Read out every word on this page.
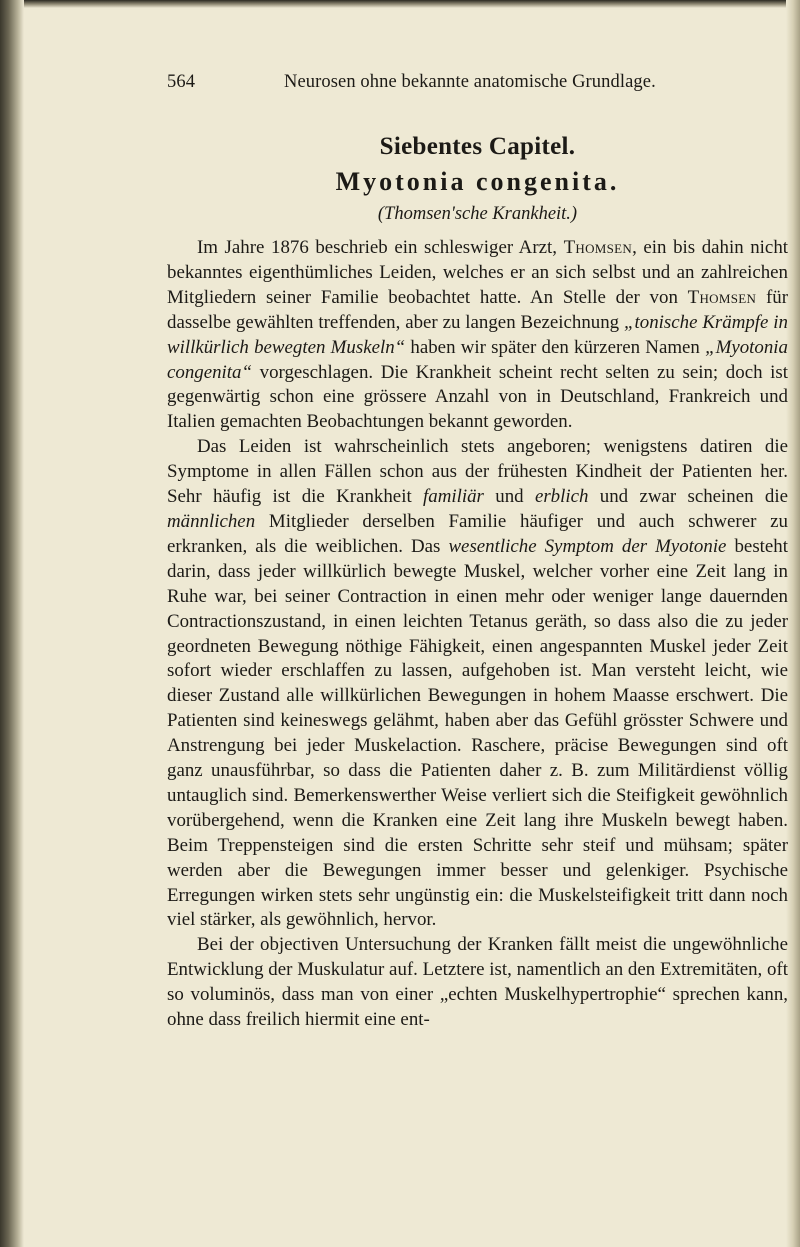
564	Neurosen ohne bekannte anatomische Grundlage.
Siebentes Capitel.
Myotonia congenita.
(Thomsen'sche Krankheit.)

Im Jahre 1876 beschrieb ein schleswiger Arzt, Thomsen, ein bis dahin nicht bekanntes eigenthümliches Leiden, welches er an sich selbst und an zahlreichen Mitgliedern seiner Familie beobachtet hatte. An Stelle der von Thomsen für dasselbe gewählten treffenden, aber zu langen Bezeichnung „tonische Krämpfe in willkürlich bewegten Muskeln“ haben wir später den kürzeren Namen „Myotonia congenita“ vorgeschlagen. Die Krankheit scheint recht selten zu sein; doch ist gegenwärtig schon eine grössere Anzahl von in Deutschland, Frankreich und Italien gemachten Beobachtungen bekannt geworden.

Das Leiden ist wahrscheinlich stets angeboren; wenigstens datiren die Symptome in allen Fällen schon aus der frühesten Kindheit der Patienten her. Sehr häufig ist die Krankheit familiär und erblich und zwar scheinen die männlichen Mitglieder derselben Familie häufiger und auch schwerer zu erkranken, als die weiblichen. Das wesentliche Symptom der Myotonie besteht darin, dass jeder willkürlich bewegte Muskel, welcher vorher eine Zeit lang in Ruhe war, bei seiner Contraction in einen mehr oder weniger lange dauernden Contractionszustand, in einen leichten Tetanus geräth, so dass also die zu jeder geordneten Bewegung nöthige Fähigkeit, einen angespannten Muskel jeder Zeit sofort wieder erschlaffen zu lassen, aufgehoben ist. Man versteht leicht, wie dieser Zustand alle willkürlichen Bewegungen in hohem Maasse erschwert. Die Patienten sind keineswegs gelähmt, haben aber das Gefühl grösster Schwere und Anstrengung bei jeder Muskelaction. Raschere, präcise Bewegungen sind oft ganz unausführbar, so dass die Patienten daher z. B. zum Militärdienst völlig untauglich sind. Bemerkenswerther Weise verliert sich die Steifigkeit gewöhnlich vorübergehend, wenn die Kranken eine Zeit lang ihre Muskeln bewegt haben. Beim Treppensteigen sind die ersten Schritte sehr steif und mühsam; später werden aber die Bewegungen immer besser und gelenkiger. Psychische Erregungen wirken stets sehr ungünstig ein: die Muskelsteifigkeit tritt dann noch viel stärker, als gewöhnlich, hervor.

Bei der objectiven Untersuchung der Kranken fällt meist die ungewöhnliche Entwicklung der Muskulatur auf. Letztere ist, namentlich an den Extremitäten, oft so voluminös, dass man von einer „echten Muskelhypertrophie“ sprechen kann, ohne dass freilich hiermit eine ent-
